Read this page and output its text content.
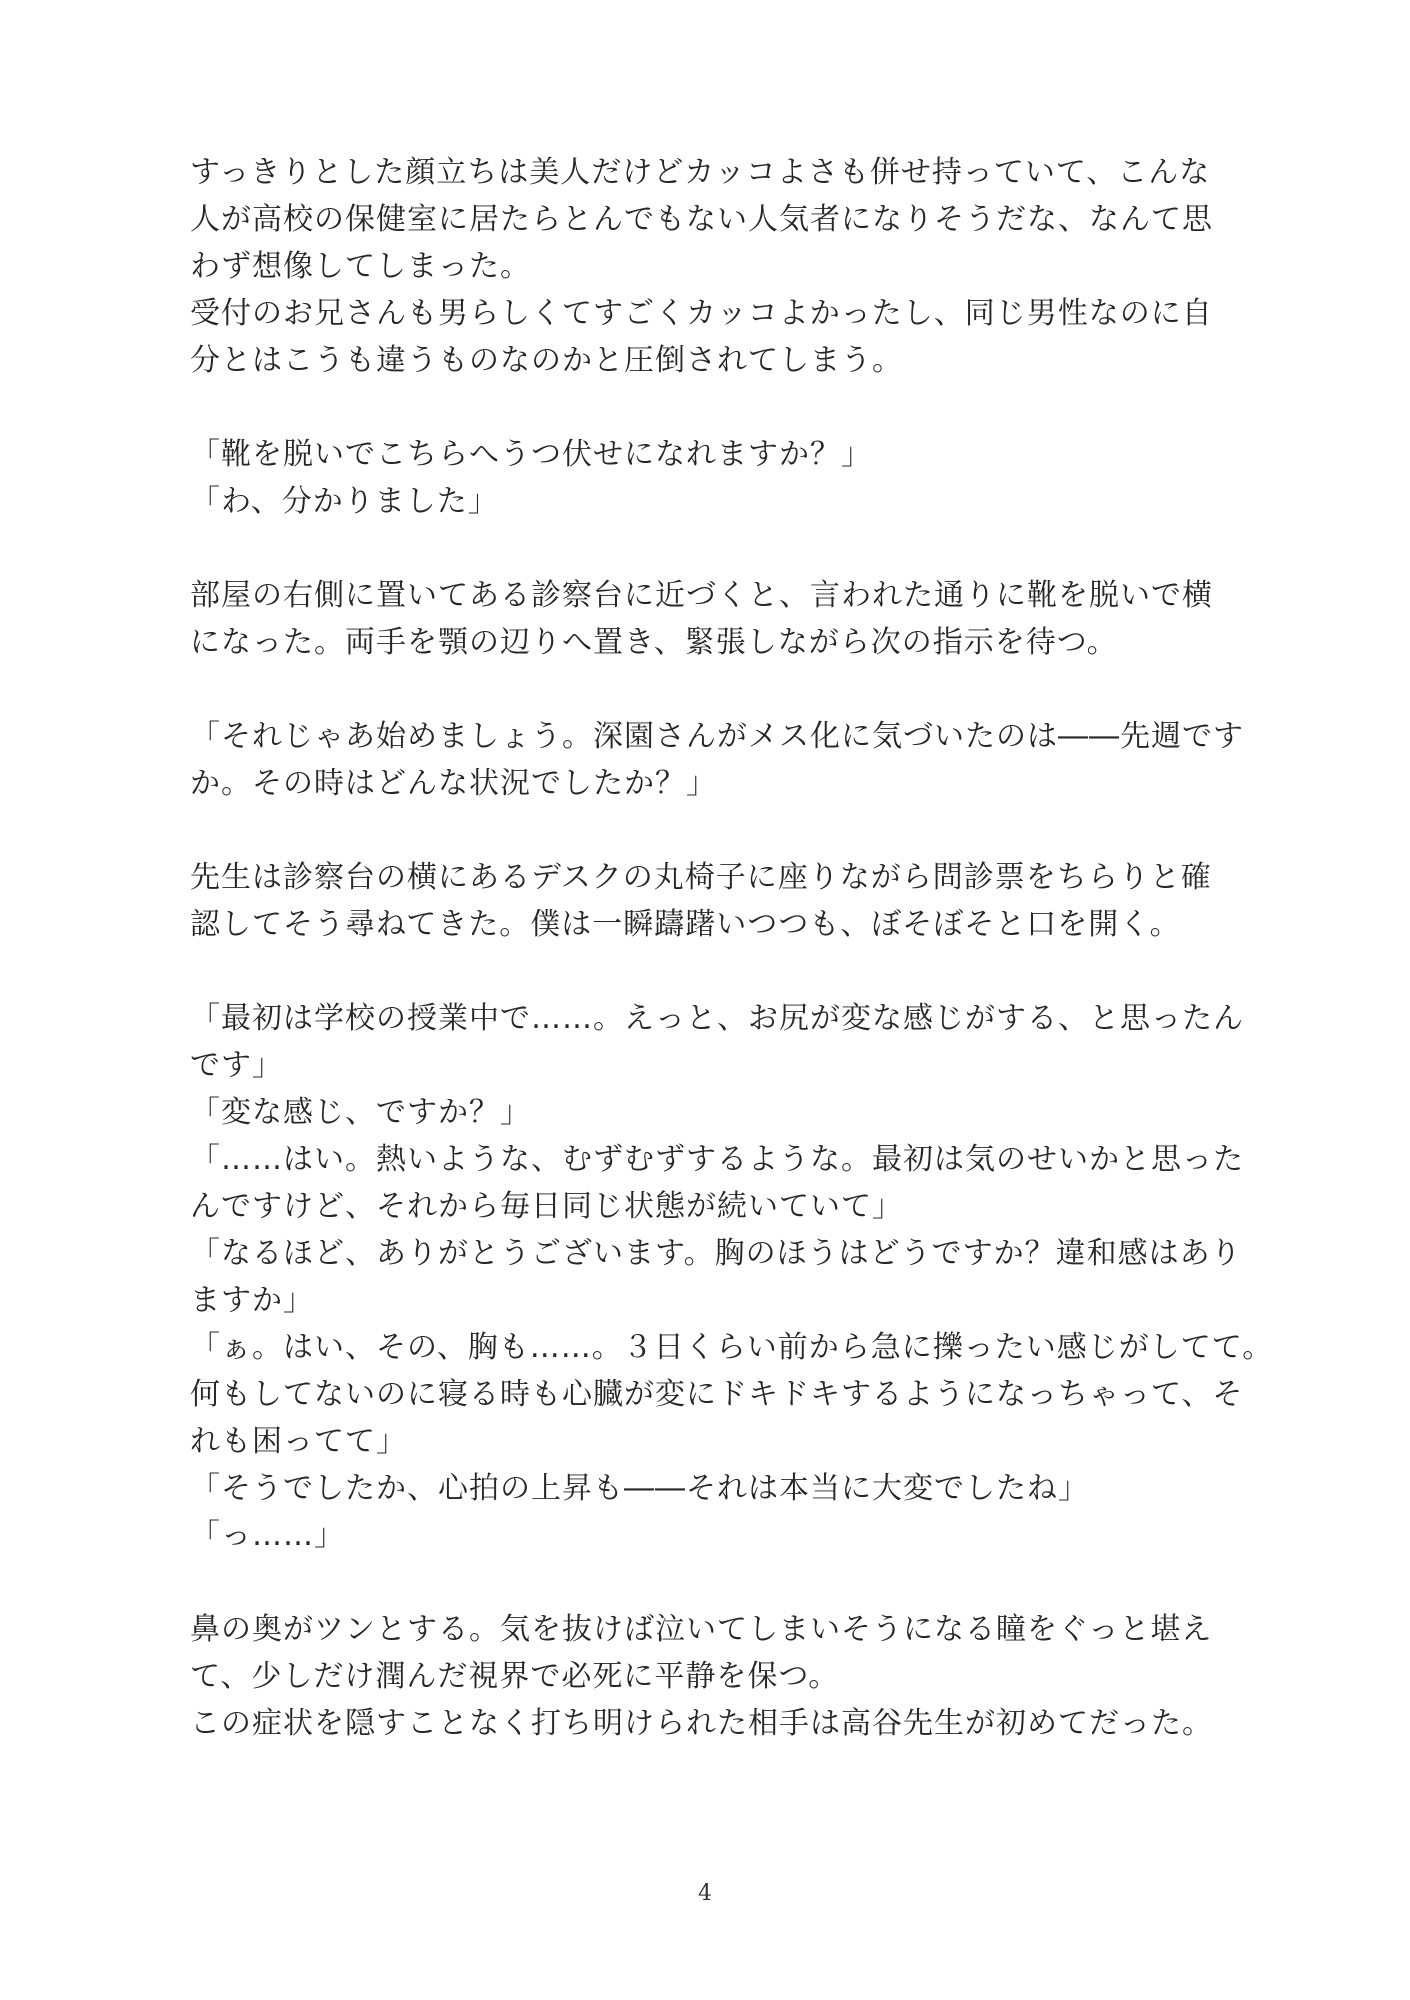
すっきりとした顔立ちは美人だけどカッコよさも併せ持っていて、こんな
人が高校の保健室に居たらとんでもない人気者になりそうだな、なんて思
わず想像してしまった。
受付のお兄さんも男らしくてすごくカッコよかったし、同じ男性なのに自
分とはこうも違うものなのかと圧倒されてしまう。
「靴を脱いでこちらへうつ伏せになれますか？」
「わ、分かりました」
部屋の右側に置いてある診察台に近づくと、言われた通りに靴を脱いで横
になった。両手を顎の辺りへ置き、緊張しながら次の指示を待つ。
「それじゃあ始めましょう。深園さんがメス化に気づいたのは――先週です
か。その時はどんな状況でしたか？」
先生は診察台の横にあるデスクの丸椅子に座りながら問診票をちらりと確
認してそう尋ねてきた。僕は一瞬躊躇いつつも、ぼそぼそと口を開く。
「最初は学校の授業中で……。えっと、お尻が変な感じがする、と思ったん
です」
「変な感じ、ですか？」
「……はい。熱いような、むずむずするような。最初は気のせいかと思った
んですけど、それから毎日同じ状態が続いていて」
「なるほど、ありがとうございます。胸のほうはどうですか？違和感はあり
ますか」
「ぁ。はい、その、胸も……。３日くらい前から急に擽ったい感じがしてて。
何もしてないのに寝る時も心臓が変にドキドキするようになっちゃって、そ
れも困ってて」
「そうでしたか、心拍の上昇も――それは本当に大変でしたね」
「っ……」
鼻の奥がツンとする。気を抜けば泣いてしまいそうになる瞳をぐっと堪え
て、少しだけ潤んだ視界で必死に平静を保つ。
この症状を隠すことなく打ち明けられた相手は高谷先生が初めてだった。
4
